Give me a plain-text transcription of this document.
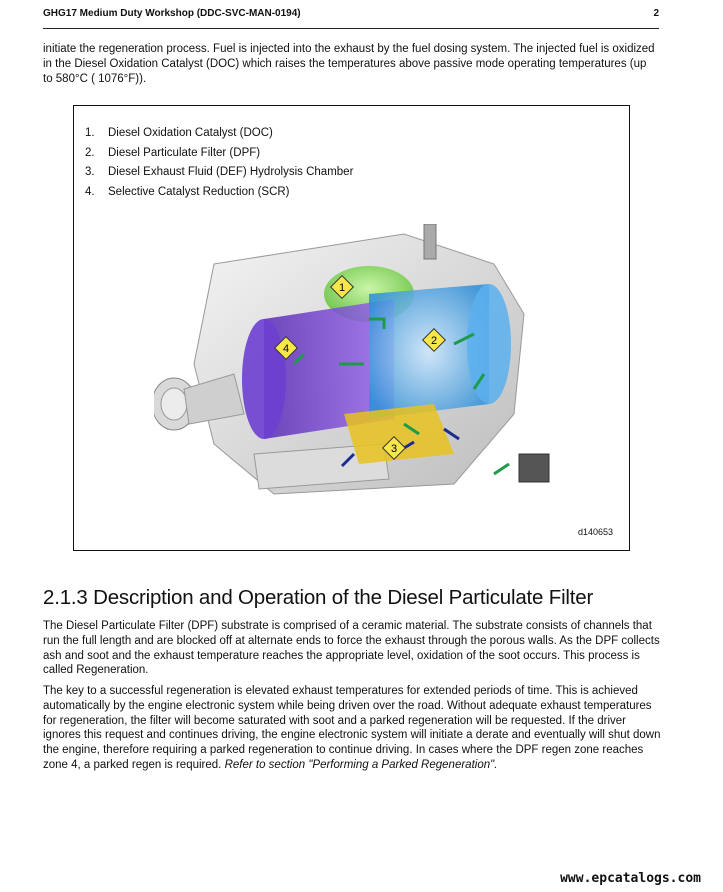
GHG17 Medium Duty Workshop (DDC-SVC-MAN-0194)	2

initiate the regeneration process. Fuel is injected into the exhaust by the fuel dosing system. The injected fuel is oxidized in the Diesel Oxidation Catalyst (DOC) which raises the temperatures above passive mode operating temperatures (up to 580°C ( 1076°F)).

1. Diesel Oxidation Catalyst (DOC)
2. Diesel Particulate Filter (DPF)
3. Diesel Exhaust Fluid (DEF) Hydrolysis Chamber
4. Selective Catalyst Reduction (SCR)
1
2
3
4
d140653
2.1.3 Description and Operation of the Diesel Particulate Filter

The Diesel Particulate Filter (DPF) substrate is comprised of a ceramic material. The substrate consists of channels that run the full length and are blocked off at alternate ends to force the exhaust through the porous walls. As the DPF collects ash and soot and the exhaust temperature reaches the appropriate level, oxidation of the soot occurs. This process is called Regeneration.

The key to a successful regeneration is elevated exhaust temperatures for extended periods of time. This is achieved automatically by the engine electronic system while being driven over the road. Without adequate exhaust temperatures for regeneration, the filter will become saturated with soot and a parked regeneration will be requested. If the driver ignores this request and continues driving, the engine electronic system will initiate a derate and eventually will shut down the engine, therefore requiring a parked regeneration to continue driving. In cases where the DPF regen zone reaches zone 4, a parked regen is required. Refer to section "Performing a Parked Regeneration".

www.epcatalogs.com
